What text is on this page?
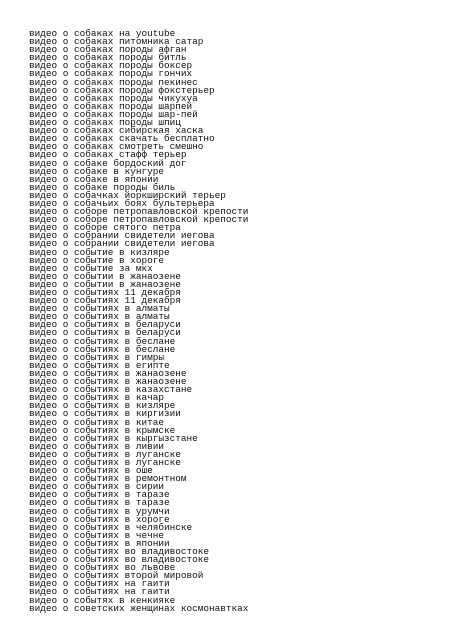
видео о собаках на youtube
видео о собаках питомника сатар
видео о собаках породы афган
видео о собаках породы битль
видео о собаках породы боксер
видео о собаках породы гончих
видео о собаках породы пекинес
видео о собаках породы фокстерьер
видео о собаках породы чикухуа
видео о собаках породы шарпей
видео о собаках породы шар-пей
видео о собаках породы шпиц
видео о собаках сибирская хаска
видео о собаках скачать бесплатно
видео о собаках смотреть смешно
видео о собаках стафф терьер
видео о собаке бордоский дог
видео о собаке в кунгуре
видео о собаке в японии
видео о собаке породы биль
видео о собачках йоркширский терьер
видео о собачьих боях бультерьера
видео о соборе петропавловской крепости
видео о соборе петропавловской крепости
видео о соборе сятого петра
видео о собрании свидетели иегова
видео о собрании свидетели иегова
видео о событие в кизляре
видео о событие в хороге
видео о событие за мкх
видео о событии в жанаозене
видео о событии в жанаозене
видео о событиях 11 декабря
видео о событиях 11 декабря
видео о событиях в алматы
видео о событиях в алматы
видео о событиях в беларуси
видео о событиях в беларуси
видео о событиях в беслане
видео о событиях в беслане
видео о событиях в гимры
видео о событиях в египте
видео о событиях в жанаозене
видео о событиях в жанаозене
видео о событиях в казахстане
видео о событиях в качар
видео о событиях в кизляре
видео о событиях в киргизии
видео о событиях в китае
видео о событиях в крымске
видео о событиях в кыргызстане
видео о событиях в ливии
видео о событиях в луганске
видео о событиях в луганске
видео о событиях в оше
видео о событиях в ремонтном
видео о событиях в сирии
видео о событиях в таразе
видео о событиях в таразе
видео о событиях в урумчи
видео о событиях в хороге
видео о событиях в челябинске
видео о событиях в чечне
видео о событиях в японии
видео о событиях во владивостоке
видео о событиях во владивостоке
видео о событиях во львове
видео о событиях второй мировой
видео о событиях на гаити
видео о событиях на гаити
видео о событях в кенкияке
видео о советских женщинах космонавтках
